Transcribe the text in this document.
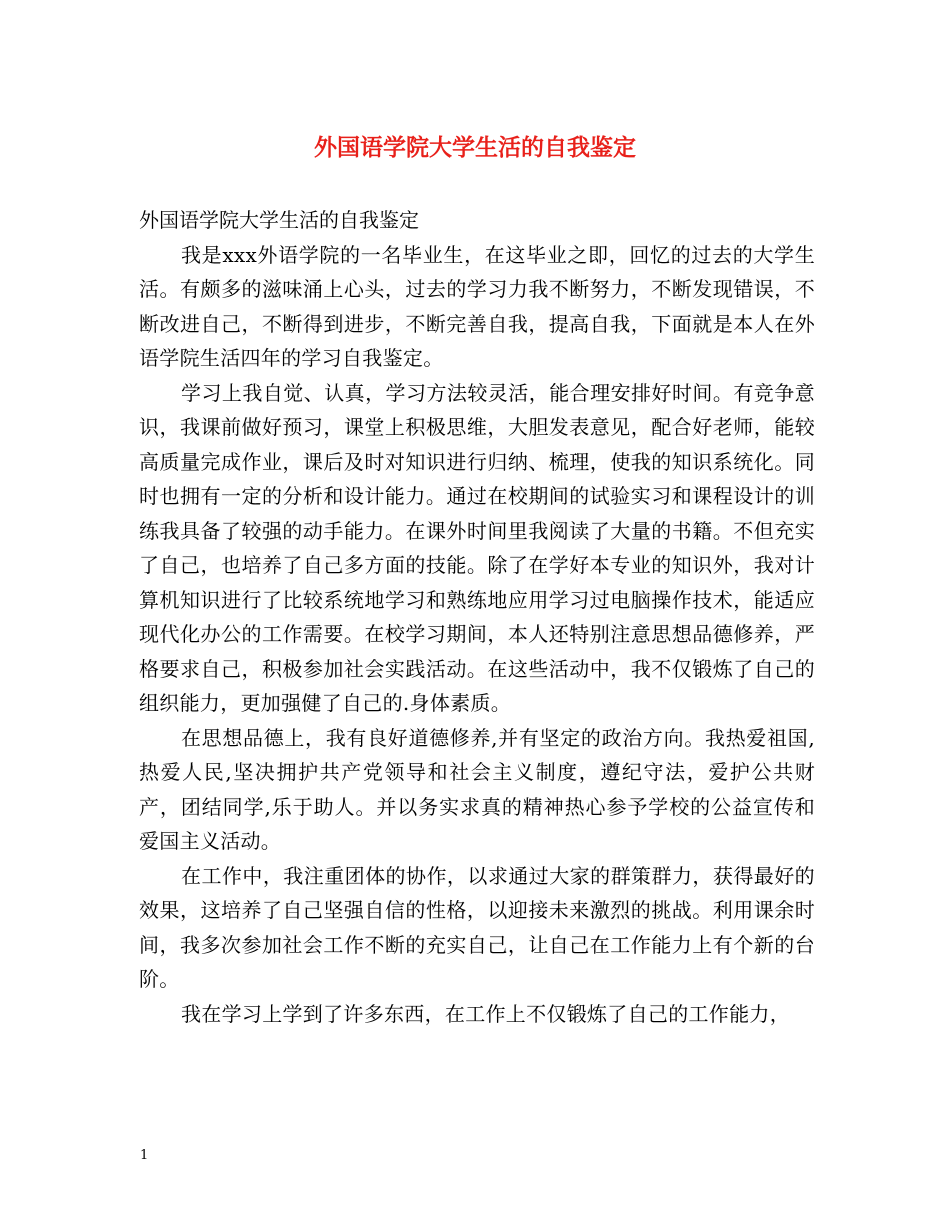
外国语学院大学生活的自我鉴定

外国语学院大学生活的自我鉴定

我是xxx外语学院的一名毕业生，在这毕业之即，回忆的过去的大学生活。有颇多的滋味涌上心头，过去的学习力我不断努力，不断发现错误，不断改进自己，不断得到进步，不断完善自我，提高自我，下面就是本人在外语学院生活四年的学习自我鉴定。

学习上我自觉、认真，学习方法较灵活，能合理安排好时间。有竞争意识，我课前做好预习，课堂上积极思维，大胆发表意见，配合好老师，能较高质量完成作业，课后及时对知识进行归纳、梳理，使我的知识系统化。同时也拥有一定的分析和设计能力。通过在校期间的试验实习和课程设计的训练我具备了较强的动手能力。在课外时间里我阅读了大量的书籍。不但充实了自己，也培养了自己多方面的技能。除了在学好本专业的知识外，我对计算机知识进行了比较系统地学习和熟练地应用学习过电脑操作技术，能适应现代化办公的工作需要。在校学习期间，本人还特别注意思想品德修养，严格要求自己，积极参加社会实践活动。在这些活动中，我不仅锻炼了自己的组织能力，更加强健了自己的.身体素质。

在思想品德上，我有良好道德修养,并有坚定的政治方向。我热爱祖国,热爱人民,坚决拥护共产党领导和社会主义制度，遵纪守法，爱护公共财产，团结同学,乐于助人。并以务实求真的精神热心参予学校的公益宣传和爱国主义活动。

在工作中，我注重团体的协作，以求通过大家的群策群力，获得最好的效果，这培养了自己坚强自信的性格，以迎接未来激烈的挑战。利用课余时间，我多次参加社会工作不断的充实自己，让自己在工作能力上有个新的台阶。

我在学习上学到了许多东西，在工作上不仅锻炼了自己的工作能力，

1
